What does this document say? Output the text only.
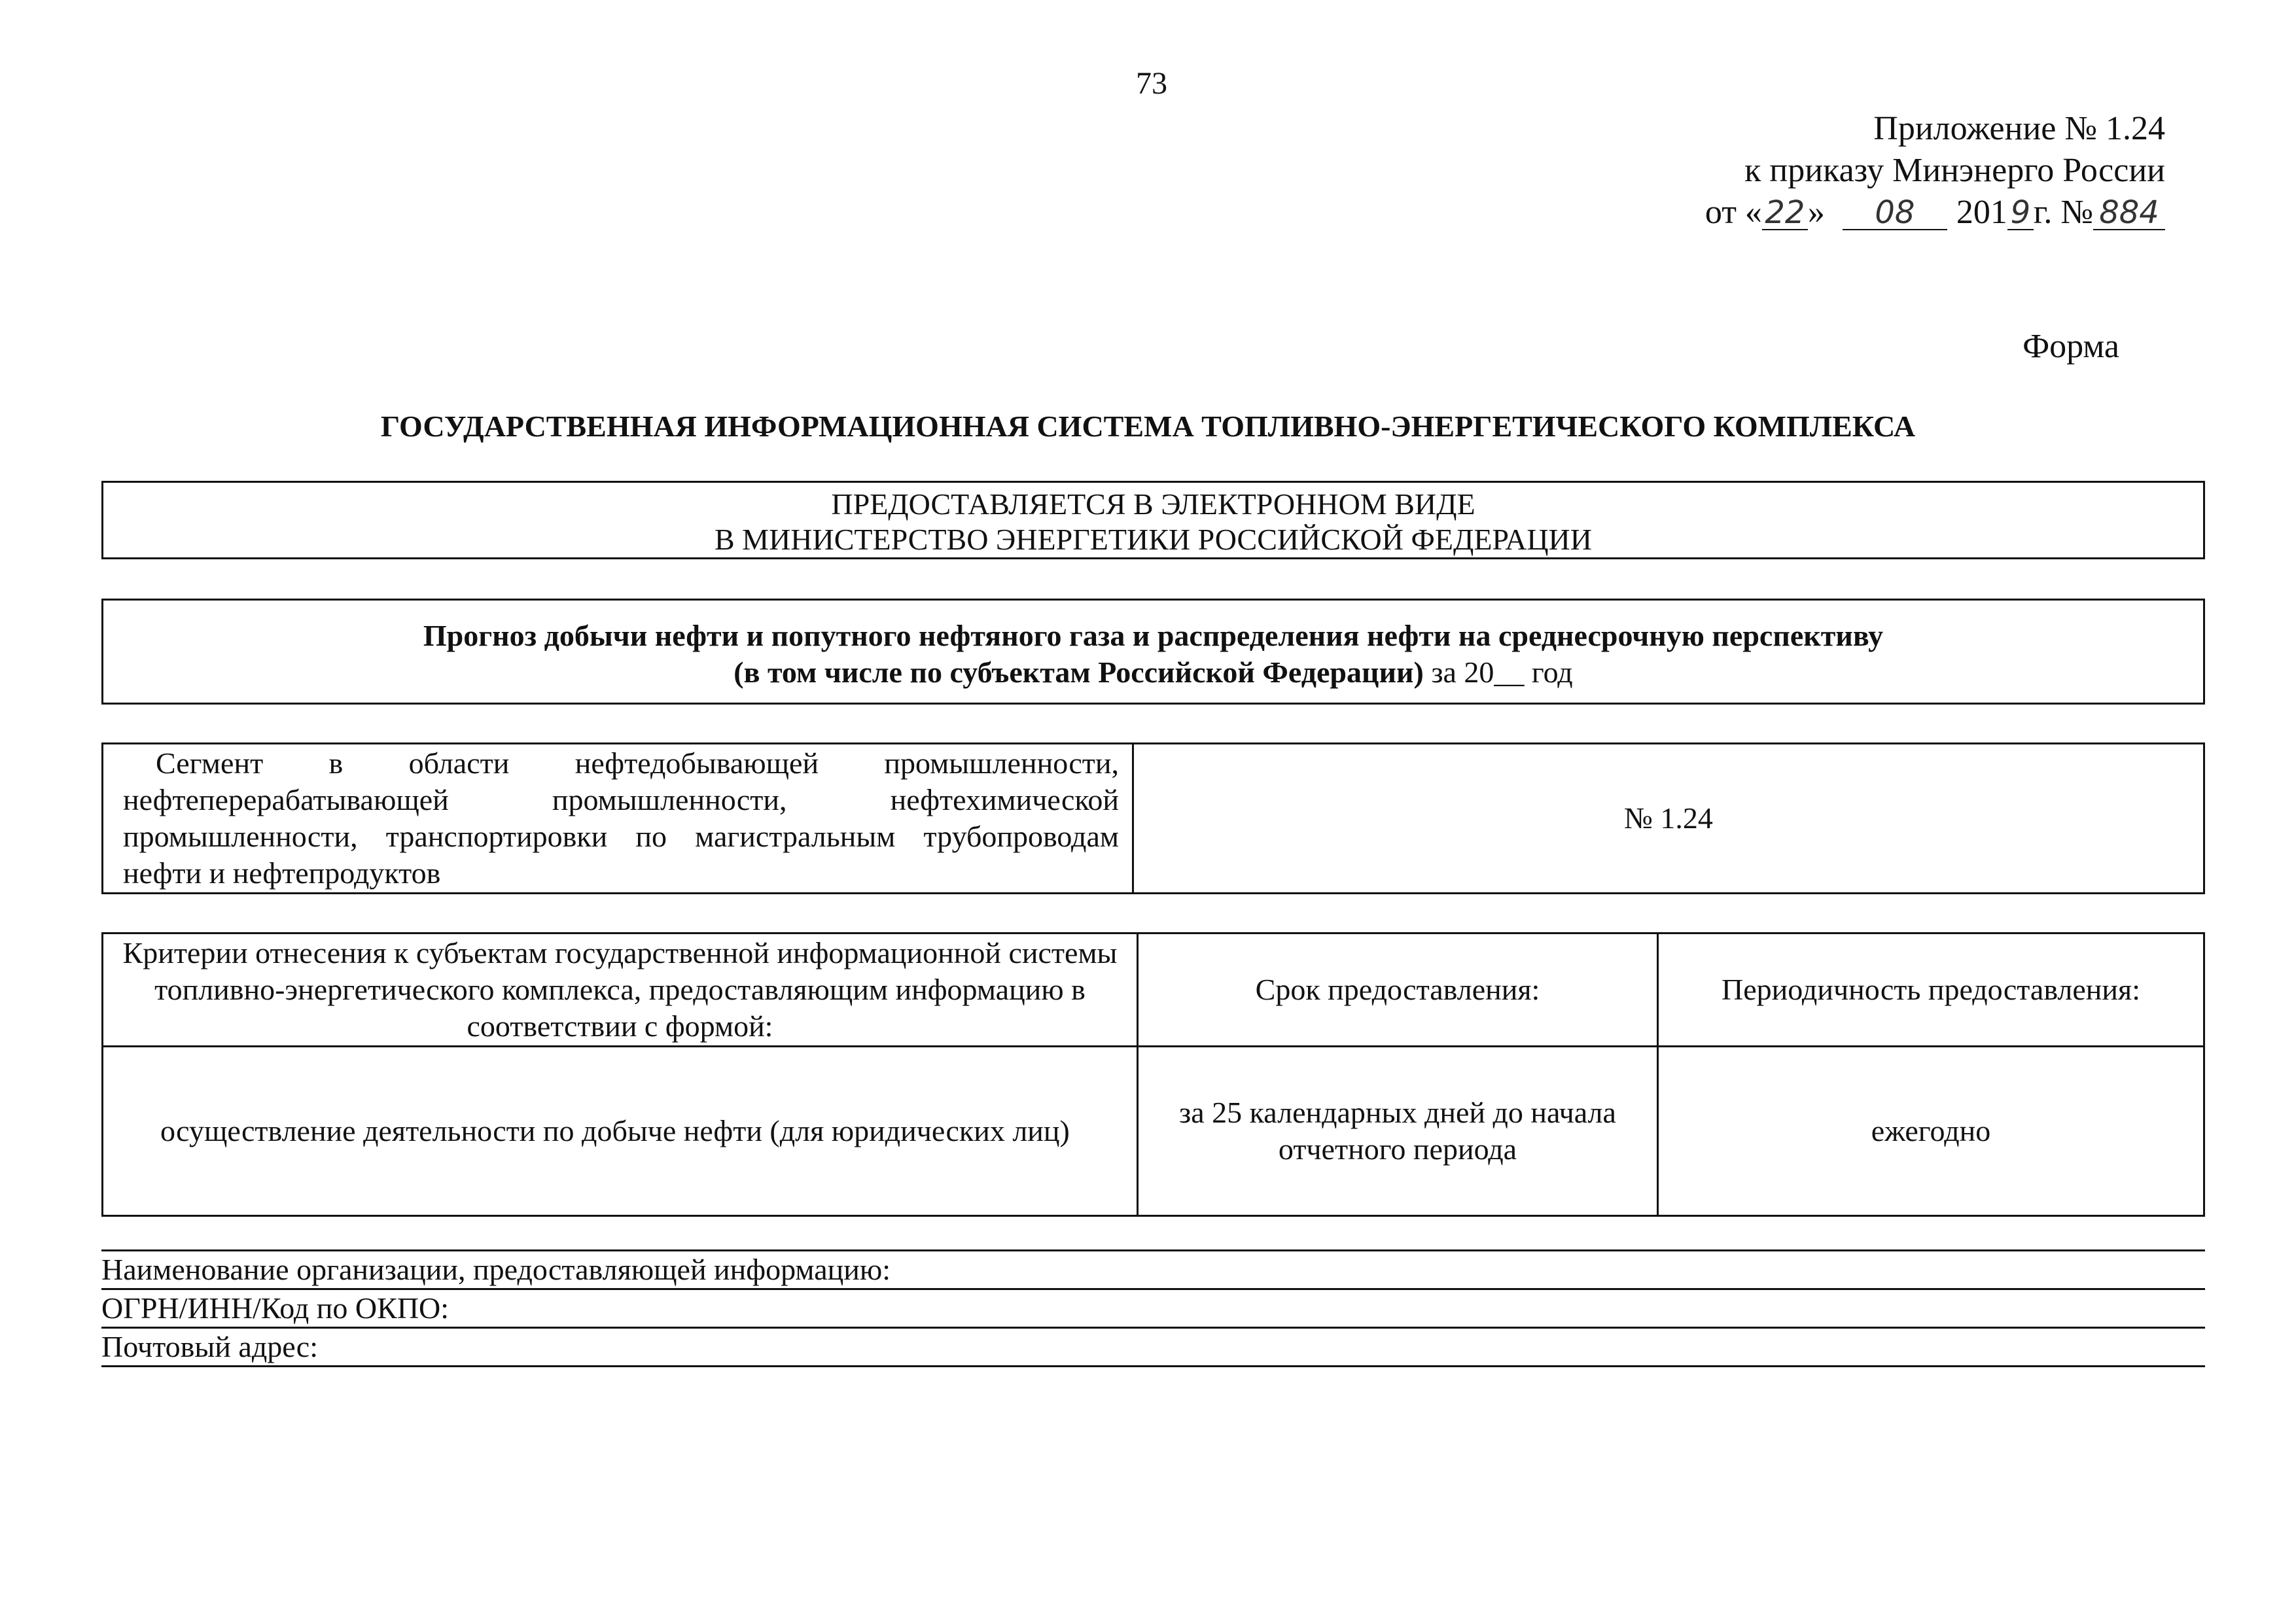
73
Приложение № 1.24
к приказу Минэнерго России
от «22» 08 2019г. № 884
Форма
ГОСУДАРСТВЕННАЯ ИНФОРМАЦИОННАЯ СИСТЕМА ТОПЛИВНО-ЭНЕРГЕТИЧЕСКОГО КОМПЛЕКСА
ПРЕДОСТАВЛЯЕТСЯ В ЭЛЕКТРОННОМ ВИДЕ
В МИНИСТЕРСТВО ЭНЕРГЕТИКИ РОССИЙСКОЙ ФЕДЕРАЦИИ
Прогноз добычи нефти и попутного нефтяного газа и распределения нефти на среднесрочную перспективу
(в том числе по субъектам Российской Федерации) за 20__ год
Сегмент в области нефтедобывающей промышленности, нефтеперерабатывающей промышленности, нефтехимической промышленности, транспортировки по магистральным трубопроводам нефти и нефтепродуктов	№ 1.24
Критерии отнесения к субъектам государственной информационной системы топливно-энергетического комплекса, предоставляющим информацию в соответствии с формой:	Срок предоставления:	Периодичность предоставления:
осуществление деятельности по добыче нефти (для юридических лиц)	за 25 календарных дней до начала отчетного периода	ежегодно
Наименование организации, предоставляющей информацию:
ОГРН/ИНН/Код по ОКПО:
Почтовый адрес:
